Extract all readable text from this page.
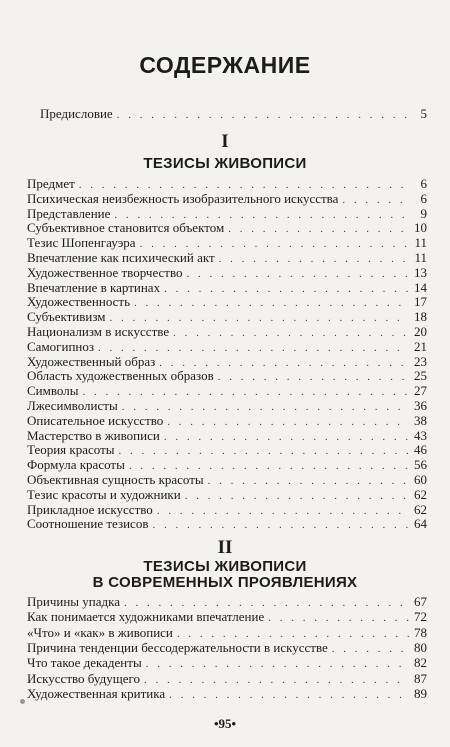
СОДЕРЖАНИЕ
Предисловие . . .	5
I
ТЕЗИСЫ ЖИВОПИСИ
Предмет . . .	6
Психическая неизбежность изобразительного искусства . . .	6
Представление . . .	9
Субъективное становится объектом . . .	10
Тезис Шопенгауэра . . .	11
Впечатление как психический акт . . .	11
Художественное творчество . . .	13
Впечатление в картинах . . .	14
Художественность . . .	17
Субъективизм . . .	18
Национализм в искусстве . . .	20
Самогипноз . . .	21
Художественный образ . . .	23
Область художественных образов . . .	25
Символы . . .	27
Лжесимволисты . . .	36
Описательное искусство . . .	38
Мастерство в живописи . . .	43
Теория красоты . . .	46
Формула красоты . . .	56
Объективная сущность красоты . . .	60
Тезис красоты и художники . . .	62
Прикладное искусство . . .	62
Соотношение тезисов . . .	64
II
ТЕЗИСЫ ЖИВОПИСИ
В СОВРЕМЕННЫХ ПРОЯВЛЕНИЯХ
Причины упадка . . .	67
Как понимается художниками впечатление . . .	72
«Что» и «как» в живописи . . .	78
Причина тенденции бессодержательности в искусстве . . .	80
Что такое декаденты . . .	82
Искусство будущего . . .	87
Художественная критика . . .	89
•95•
